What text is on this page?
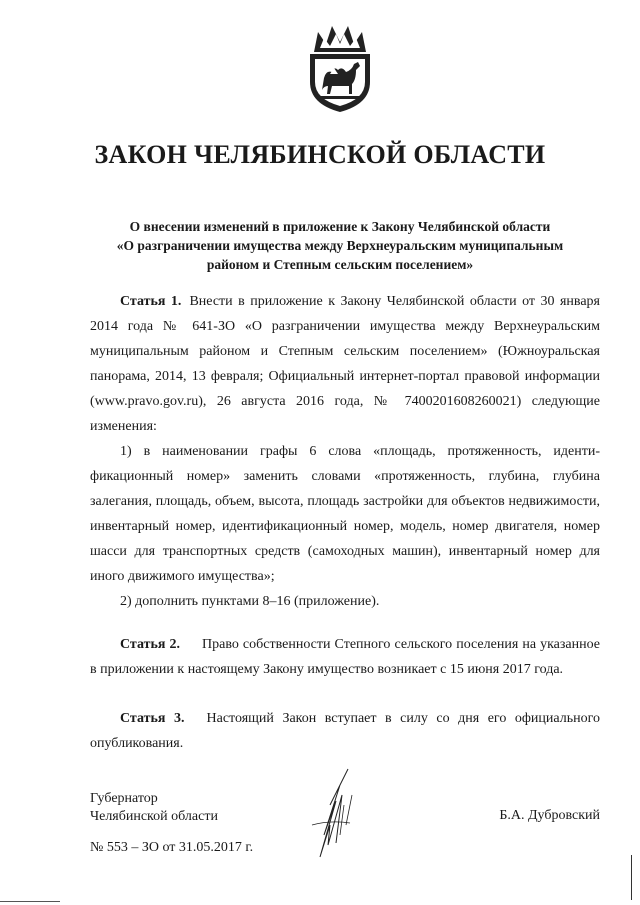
ЗАКОН ЧЕЛЯБИНСКОЙ ОБЛАСТИ
О внесении изменений в приложение к Закону Челябинской области
«О разграничении имущества между Верхнеуральским муниципальным
районом и Степным сельским поселением»
Статья 1. Внести в приложение к Закону Челябинской области от 30 января
2014 года № 641-ЗО «О разграничении имущества между Верхнеуральским
муниципальным районом и Степным сельским поселением» (Южноуральская
панорама, 2014, 13 февраля; Официальный интернет-портал правовой информации
(www.pravo.gov.ru), 26 августа 2016 года, № 7400201608260021) следующие
изменения:
1) в наименовании графы 6 слова «площадь, протяженность, иденти-
фикационный номер» заменить словами «протяженность, глубина, глубина
залегания, площадь, объем, высота, площадь застройки для объектов недвижимости,
инвентарный номер, идентификационный номер, модель, номер двигателя, номер
шасси для транспортных средств (самоходных машин), инвентарный номер для
иного движимого имущества»;
2) дополнить пунктами 8–16 (приложение).
Статья 2. Право собственности Степного сельского поселения на указанное
в приложении к настоящему Закону имущество возникает с 15 июня 2017 года.
Статья 3. Настоящий Закон вступает в силу со дня его официального
опубликования.
Губернатор
Челябинской области	Б.А. Дубровский
№ 553 – ЗО от 31.05.2017 г.
